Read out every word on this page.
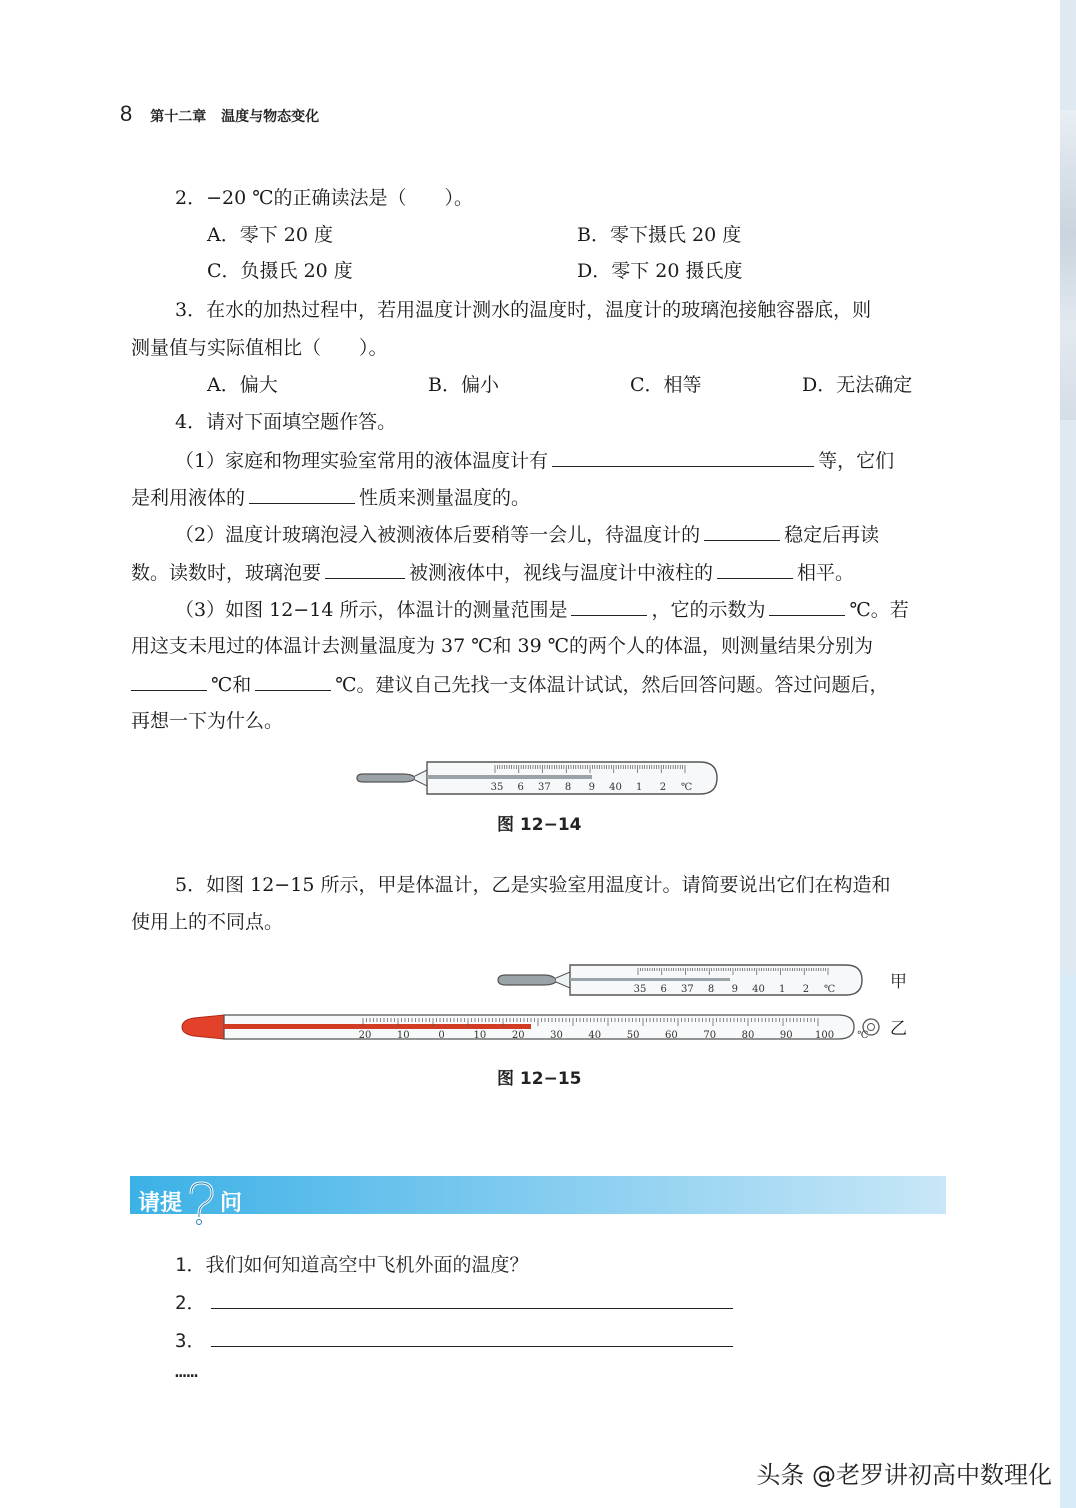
8 第十二章 温度与物态变化
2．−20 ℃的正确读法是（　　）。
A．零下 20 度	B．零下摄氏 20 度
C．负摄氏 20 度	D．零下 20 摄氏度
3．在水的加热过程中，若用温度计测水的温度时，温度计的玻璃泡接触容器底，则
测量值与实际值相比（　　）。
A．偏大	B．偏小	C．相等	D．无法确定
4．请对下面填空题作答。
（1）家庭和物理实验室常用的液体温度计有	等，它们
是利用液体的	性质来测量温度的。
（2）温度计玻璃泡浸入被测液体后要稍等一会儿，待温度计的	稳定后再读
数。读数时，玻璃泡要	被测液体中，视线与温度计中液柱的	相平。
（3）如图 12−14 所示，体温计的测量范围是	，它的示数为	℃。若
用这支未甩过的体温计去测量温度为 37 ℃和 39 ℃的两个人的体温，则测量结果分别为
℃和	℃。建议自己先找一支体温计试试，然后回答问题。答过问题后，
再想一下为什么。
35 6 37 8 9 40 1 2 ℃
图 12−14
5．如图 12−15 所示，甲是体温计，乙是实验室用温度计。请简要说出它们在构造和
使用上的不同点。
35 6 37 8 9 40 1 2 ℃	甲
20	10	0	10	20	30	40	50	60	70	80	90 100 ℃ 乙
图 12−15
请提 问
1．我们如何知道高空中飞机外面的温度？
2．
3．
……
头条 @老罗讲初高中数理化
